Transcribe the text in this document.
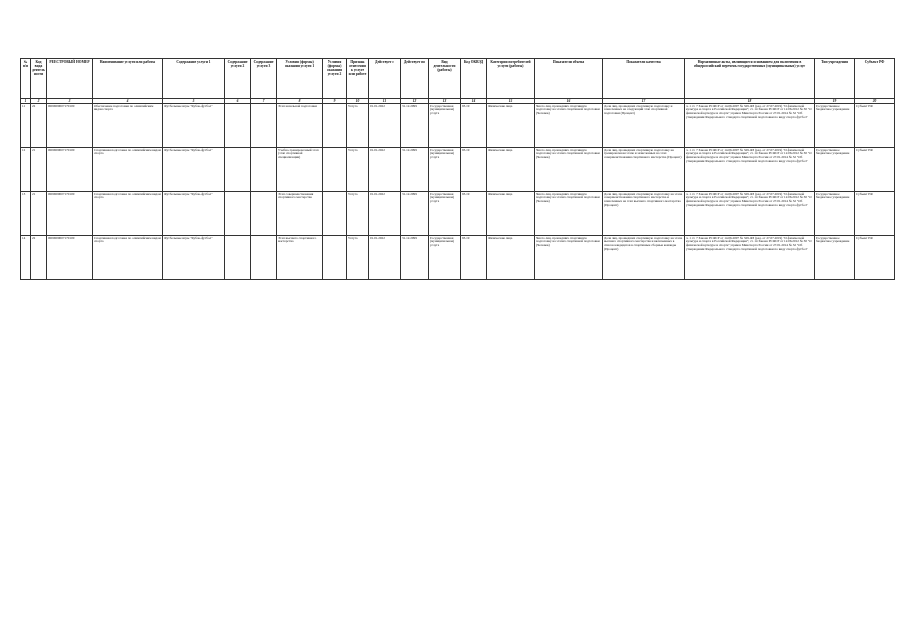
№ п/п	Код вида деятельности	РЕЕСТРОВЫЙ НОМЕР	Наименование услуги или работы	Содержание услуги 1	Содержание услуги 2	Содержание услуги 3	Условия (формы) оказания услуги 1	Условия (формы) оказания услуги 2	Признак отнесения к услуге или работе	Действует с	Действует по	Вид деятельности (работы)	Код ОКВЭД	Категории потребителей услуги (работы)	Показатели объема	Показатели качества	Нормативные акты, являющиеся основанием для включения в общероссийский перечень государственных (муниципальных) услуг	Тип учреждения	Субъект РФ
1	2	3	4	5	6	7	8	9	10	11	12	13	14	15	16	17	18	19	20
11	22	0000000007170100	Обеспечение подготовки по олимпийским видам спорта	Футбольные игры "Кубок-футбол"			Этап начальной подготовки		Услуга	01.01.2022	31.12.2099	Государственная (муниципальная) услуга	93.19	Физические лица	Число лиц, прошедших спортивную подготовку на этапах спортивной подготовки (Человек)	Доля лиц, прошедших спортивную подготовку и зачисленных на следующий этап спортивной подготовки (Процент)	ч. 1 ст. 7 Закона РСФСР от 14.06.2007 № 329-ФЗ (ред. от 27.07.2019) "О физической культуре и спорте в Российской Федерации"; ст. 14 Закона РСФСР от 12.06.2012 № 30 "О физической культуре и спорте"; приказ Минспорта России от 27.01.2014 № 32 "Об утверждении Федерального стандарта спортивной подготовки по виду спорта футбол"	Государственное бюджетное учреждение	Субъект РФ
12	21	0000000007170100	Спортивная подготовка по олимпийским видам спорта	Футбольные игры "Кубок-футбол"			Учебно-тренировочный этап (этап спортивной специализации)		Услуга	01.01.2022	31.12.2099	Государственная (муниципальная) услуга	93.19	Физические лица	Число лиц, прошедших спортивную подготовку на этапах спортивной подготовки (Человек)	Доля лиц, прошедших спортивную подготовку на тренировочном этапе и зачисленных на этап совершенствования спортивного мастерства (Процент)	ч. 1 ст. 7 Закона РСФСР от 14.06.2007 № 329-ФЗ (ред. от 27.07.2019) "О физической культуре и спорте в Российской Федерации"; ст. 14 Закона РСФСР от 12.06.2012 № 30 "О физической культуре и спорте"; приказ Минспорта России от 27.01.2014 № 32 "Об утверждении Федерального стандарта спортивной подготовки по виду спорта футбол"	Государственное бюджетное учреждение	Субъект РФ
13	21	0000000007170100	Спортивная подготовка по олимпийским видам спорта	Футбольные игры "Кубок-футбол"			Этап совершенствования спортивного мастерства		Услуга	01.01.2022	31.12.2099	Государственная (муниципальная) услуга	93.19	Физические лица	Число лиц, прошедших спортивную подготовку на этапах спортивной подготовки (Человек)	Доля лиц, прошедших спортивную подготовку на этапе совершенствования спортивного мастерства и зачисленных на этап высшего спортивного мастерства (Процент)	ч. 1 ст. 7 Закона РСФСР от 14.06.2007 № 329-ФЗ (ред. от 27.07.2019) "О физической культуре и спорте в Российской Федерации"; ст. 14 Закона РСФСР от 12.06.2012 № 30 "О физической культуре и спорте"; приказ Минспорта России от 27.01.2014 № 32 "Об утверждении Федерального стандарта спортивной подготовки по виду спорта футбол"	Государственное бюджетное учреждение	Субъект РФ
14	22	0000000007170100	Спортивная подготовка по олимпийским видам спорта	Футбольные игры "Кубок-футбол"			Этап высшего спортивного мастерства		Услуга	01.01.2022	31.12.2099	Государственная (муниципальная) услуга	93.19	Физические лица	Число лиц, прошедших спортивную подготовку на этапах спортивной подготовки (Человек)	Доля лиц, прошедших спортивную подготовку на этапе высшего спортивного мастерства и включенных в список кандидатов в спортивные сборные команды (Процент)	ч. 1 ст. 7 Закона РСФСР от 14.06.2007 № 329-ФЗ (ред. от 27.07.2019) "О физической культуре и спорте в Российской Федерации"; ст. 14 Закона РСФСР от 12.06.2012 № 30 "О физической культуре и спорте"; приказ Минспорта России от 27.01.2014 № 32 "Об утверждении Федерального стандарта спортивной подготовки по виду спорта футбол"	Государственное бюджетное учреждение	Субъект РФ
